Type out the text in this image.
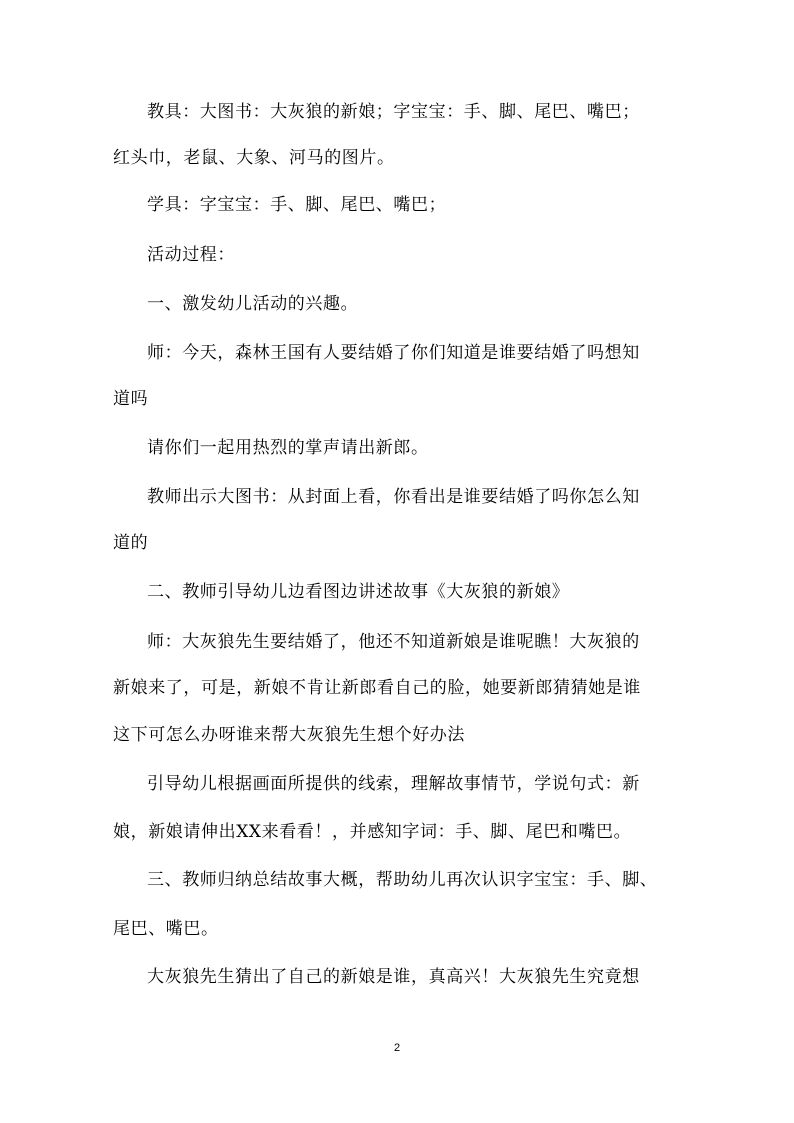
教具：大图书：大灰狼的新娘；字宝宝：手、脚、尾巴、嘴巴；
红头巾，老鼠、大象、河马的图片。
学具：字宝宝：手、脚、尾巴、嘴巴；
活动过程：
一、激发幼儿活动的兴趣。
师：今天，森林王国有人要结婚了你们知道是谁要结婚了吗想知
道吗
请你们一起用热烈的掌声请出新郎。
教师出示大图书：从封面上看，你看出是谁要结婚了吗你怎么知
道的
二、教师引导幼儿边看图边讲述故事《大灰狼的新娘》
师：大灰狼先生要结婚了，他还不知道新娘是谁呢瞧！大灰狼的
新娘来了，可是，新娘不肯让新郎看自己的脸，她要新郎猜猜她是谁
这下可怎么办呀谁来帮大灰狼先生想个好办法
引导幼儿根据画面所提供的线索，理解故事情节，学说句式：新
娘，新娘请伸出XX来看看！，并感知字词：手、脚、尾巴和嘴巴。
三、教师归纳总结故事大概，帮助幼儿再次认识字宝宝：手、脚、
尾巴、嘴巴。
大灰狼先生猜出了自己的新娘是谁，真高兴！大灰狼先生究竟想
2
